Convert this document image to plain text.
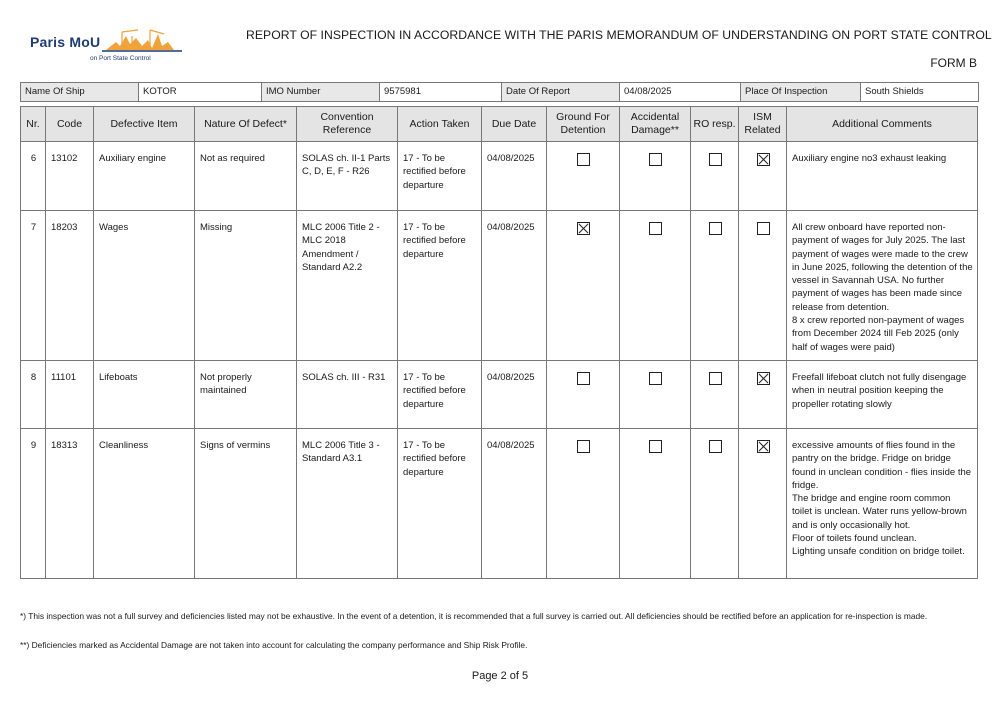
Paris MoU
on Port State Control
REPORT OF INSPECTION IN ACCORDANCE WITH THE PARIS MEMORANDUM OF UNDERSTANDING ON PORT STATE CONTROL
FORM B
Name Of Ship	KOTOR	IMO Number	9575981	Date Of Report	04/08/2025	Place Of Inspection	South Shields
Nr.	Code	Defective Item	Nature Of Defect*	Convention Reference	Action Taken	Due Date	Ground For Detention	Accidental Damage**	RO resp.	ISM Related	Additional Comments
6	13102	Auxiliary engine	Not as required	SOLAS ch. II-1 Parts C, D, E, F - R26	17 - To be rectified before departure	04/08/2025					Auxiliary engine no3 exhaust leaking
7	18203	Wages	Missing	MLC 2006 Title 2 - MLC 2018 Amendment / Standard A2.2	17 - To be rectified before departure	04/08/2025					All crew onboard have reported non-payment of wages for July 2025. The last payment of wages were made to the crew in June 2025, following the detention of the vessel in Savannah USA. No further payment of wages has been made since release from detention.
8 x crew reported non-payment of wages from December 2024 till Feb 2025 (only half of wages were paid)
8	11101	Lifeboats	Not properly maintained	SOLAS ch. III - R31	17 - To be rectified before departure	04/08/2025					Freefall lifeboat clutch not fully disengage when in neutral position keeping the propeller rotating slowly
9	18313	Cleanliness	Signs of vermins	MLC 2006 Title 3 - Standard A3.1	17 - To be rectified before departure	04/08/2025					excessive amounts of flies found in the pantry on the bridge. Fridge on bridge found in unclean condition - flies inside the fridge.
The bridge and engine room common toilet is unclean. Water runs yellow-brown and is only occasionally hot.
Floor of toilets found unclean.
Lighting unsafe condition on bridge toilet.
*) This inspection was not a full survey and deficiencies listed may not be exhaustive. In the event of a detention, it is recommended that a full survey is carried out. All deficiencies should be rectified before an application for re-inspection is made.
**) Deficiencies marked as Accidental Damage are not taken into account for calculating the company performance and Ship Risk Profile.
Page 2 of 5
